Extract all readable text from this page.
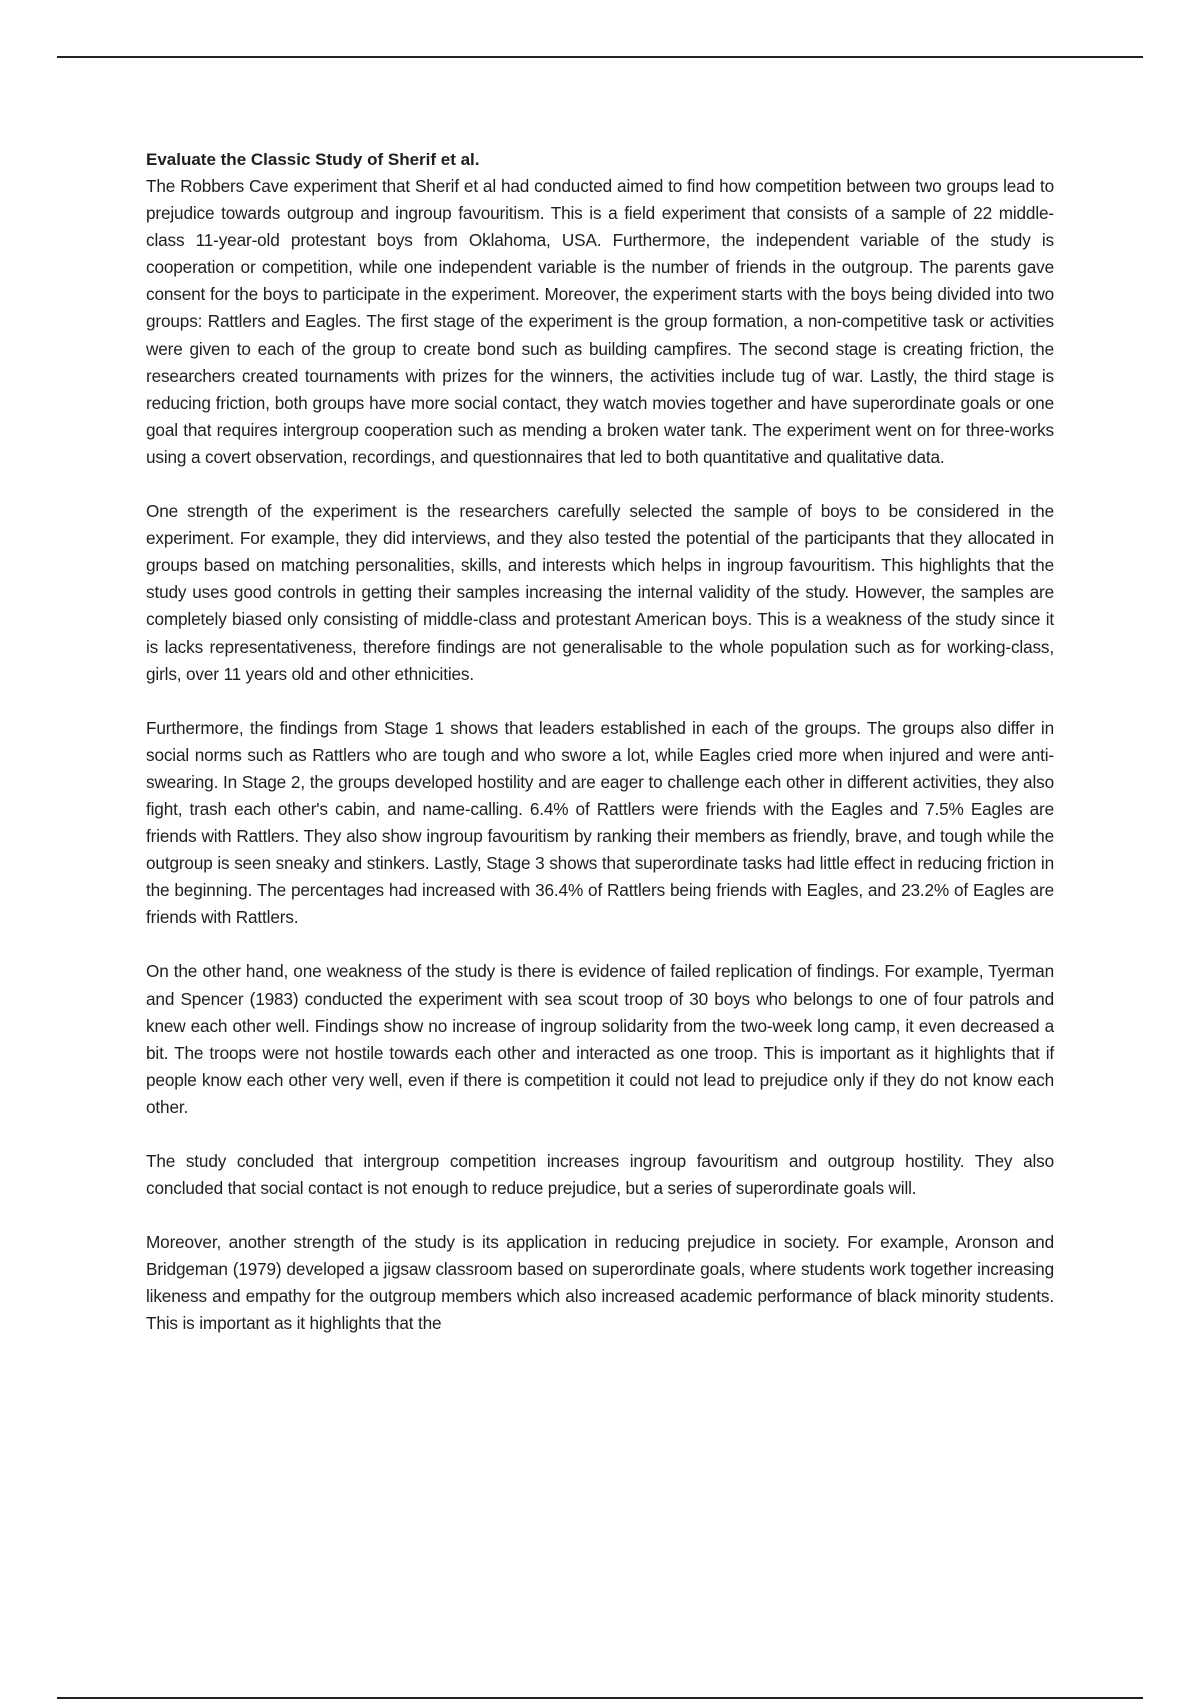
Evaluate the Classic Study of Sherif et al.

The Robbers Cave experiment that Sherif et al had conducted aimed to find how competition between two groups lead to prejudice towards outgroup and ingroup favouritism. This is a field experiment that consists of a sample of 22 middle-class 11-year-old protestant boys from Oklahoma, USA. Furthermore, the independent variable of the study is cooperation or competition, while one independent variable is the number of friends in the outgroup. The parents gave consent for the boys to participate in the experiment. Moreover, the experiment starts with the boys being divided into two groups: Rattlers and Eagles. The first stage of the experiment is the group formation, a non-competitive task or activities were given to each of the group to create bond such as building campfires. The second stage is creating friction, the researchers created tournaments with prizes for the winners, the activities include tug of war. Lastly, the third stage is reducing friction, both groups have more social contact, they watch movies together and have superordinate goals or one goal that requires intergroup cooperation such as mending a broken water tank. The experiment went on for three-works using a covert observation, recordings, and questionnaires that led to both quantitative and qualitative data.

One strength of the experiment is the researchers carefully selected the sample of boys to be considered in the experiment. For example, they did interviews, and they also tested the potential of the participants that they allocated in groups based on matching personalities, skills, and interests which helps in ingroup favouritism. This highlights that the study uses good controls in getting their samples increasing the internal validity of the study. However, the samples are completely biased only consisting of middle-class and protestant American boys. This is a weakness of the study since it is lacks representativeness, therefore findings are not generalisable to the whole population such as for working-class, girls, over 11 years old and other ethnicities.

Furthermore, the findings from Stage 1 shows that leaders established in each of the groups. The groups also differ in social norms such as Rattlers who are tough and who swore a lot, while Eagles cried more when injured and were anti-swearing. In Stage 2, the groups developed hostility and are eager to challenge each other in different activities, they also fight, trash each other's cabin, and name-calling. 6.4% of Rattlers were friends with the Eagles and 7.5% Eagles are friends with Rattlers. They also show ingroup favouritism by ranking their members as friendly, brave, and tough while the outgroup is seen sneaky and stinkers. Lastly, Stage 3 shows that superordinate tasks had little effect in reducing friction in the beginning. The percentages had increased with 36.4% of Rattlers being friends with Eagles, and 23.2% of Eagles are friends with Rattlers.

On the other hand, one weakness of the study is there is evidence of failed replication of findings. For example, Tyerman and Spencer (1983) conducted the experiment with sea scout troop of 30 boys who belongs to one of four patrols and knew each other well. Findings show no increase of ingroup solidarity from the two-week long camp, it even decreased a bit. The troops were not hostile towards each other and interacted as one troop. This is important as it highlights that if people know each other very well, even if there is competition it could not lead to prejudice only if they do not know each other.

The study concluded that intergroup competition increases ingroup favouritism and outgroup hostility. They also concluded that social contact is not enough to reduce prejudice, but a series of superordinate goals will.

Moreover, another strength of the study is its application in reducing prejudice in society. For example, Aronson and Bridgeman (1979) developed a jigsaw classroom based on superordinate goals, where students work together increasing likeness and empathy for the outgroup members which also increased academic performance of black minority students. This is important as it highlights that the
